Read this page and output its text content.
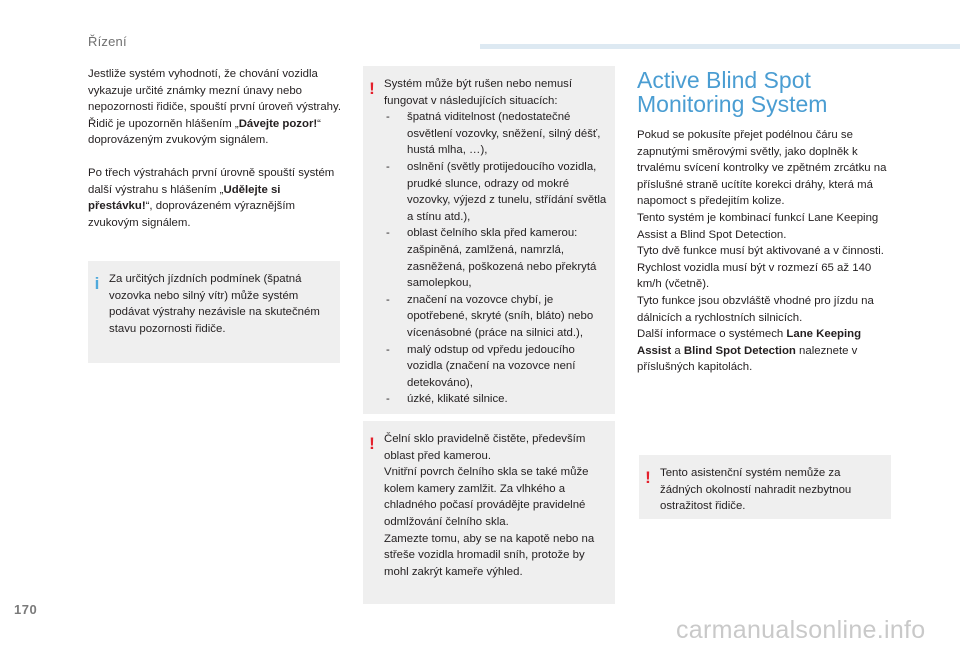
Řízení

Jestliže systém vyhodnotí, že chování vozidla vykazuje určité známky mezní únavy nebo nepozornosti řidiče, spouští první úroveň výstrahy.
Řidič je upozorněn hlášením „Dávejte pozor!“ doprovázeným zvukovým signálem.

Po třech výstrahách první úrovně spouští systém další výstrahu s hlášením „Udělejte si přestávku!“, doprovázeném výraznějším zvukovým signálem.

i Za určitých jízdních podmínek (špatná vozovka nebo silný vítr) může systém podávat výstrahy nezávisle na skutečném stavu pozornosti řidiče.
! Systém může být rušen nebo nemusí fungovat v následujících situacích:
- špatná viditelnost (nedostatečné osvětlení vozovky, sněžení, silný déšť, hustá mlha, …),
- oslnění (světly protijedoucího vozidla, prudké slunce, odrazy od mokré vozovky, výjezd z tunelu, střídání světla a stínu atd.),
- oblast čelního skla před kamerou: zašpiněná, zamlžená, namrzlá, zasněžená, poškozená nebo překrytá samolepkou,
- značení na vozovce chybí, je opotřebené, skryté (sníh, bláto) nebo vícenásobné (práce na silnici atd.),
- malý odstup od vpředu jedoucího vozidla (značení na vozovce není detekováno),
- úzké, klikaté silnice.
! Čelní sklo pravidelně čistěte, především oblast před kamerou.
Vnitřní povrch čelního skla se také může kolem kamery zamlžit. Za vlhkého a chladného počasí provádějte pravidelné odmlžování čelního skla.
Zamezte tomu, aby se na kapotě nebo na střeše vozidla hromadil sníh, protože by mohl zakrýt kameře výhled.
Active Blind Spot Monitoring System
Pokud se pokusíte přejet podélnou čáru se zapnutými směrovými světly, jako doplněk k trvalému svícení kontrolky ve zpětném zrcátku na příslušné straně ucítíte korekci dráhy, která má napomoct s předejitím kolize.
Tento systém je kombinací funkcí Lane Keeping Assist a Blind Spot Detection.
Tyto dvě funkce musí být aktivované a v činnosti.
Rychlost vozidla musí být v rozmezí 65 až 140 km/h (včetně).
Tyto funkce jsou obzvláště vhodné pro jízdu na dálnicích a rychlostních silnicích.
Další informace o systémech Lane Keeping Assist a Blind Spot Detection naleznete v příslušných kapitolách.
! Tento asistenční systém nemůže za žádných okolností nahradit nezbytnou ostražitost řidiče.
170
carmanualsonline.info
